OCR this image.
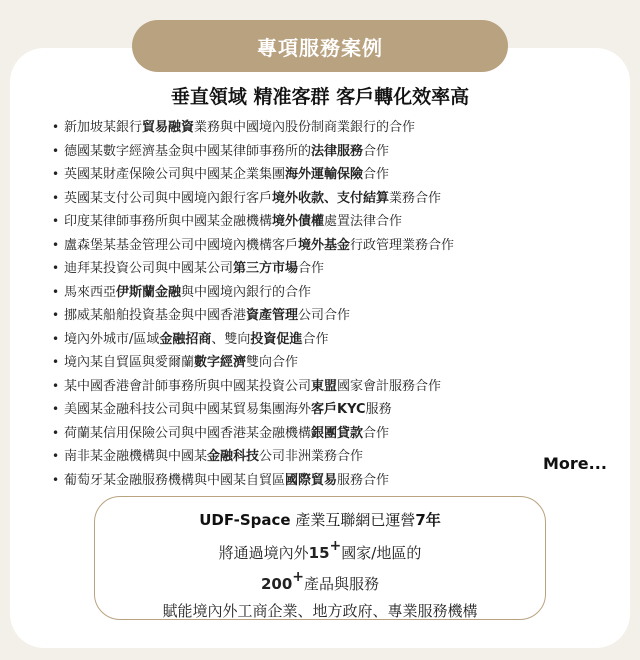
專項服務案例
垂直領域 精准客群 客戶轉化效率高
• 新加坡某銀行 貿易融資 業務與中國境內股份制商業銀行的合作
• 德國某數字經濟基金與中國某律師事務所的 法律服務 合作
• 英國某財產保險公司與中國某企業集團 海外運輸保險 合作
• 英國某支付公司與中國境內銀行客戶 境外收款、支付結算 業務合作
• 印度某律師事務所與中國某金融機構 境外債權 處置法律合作
• 盧森堡某基金管理公司中國境內機構客戶 境外基金 行政管理業務合作
• 迪拜某投資公司與中國某公司 第三方市場 合作
• 馬來西亞 伊斯蘭金融 與中國境內銀行的合作
• 挪威某船舶投資基金與中國香港 資產管理 公司合作
• 境內外城市/區域 金融招商 、雙向 投資促進 合作
• 境內某自貿區與愛爾蘭 數字經濟 雙向合作
• 某中國香港會計師事務所與中國某投資公司 東盟 國家會計服務合作
• 美國某金融科技公司與中國某貿易集團海外 客戶KYC 服務
• 荷蘭某信用保險公司與中國香港某金融機構 銀團貸款 合作
• 南非某金融機構與中國某 金融科技 公司非洲業務合作
• 葡萄牙某金融服務機構與中國某自貿區 國際貿易 服務合作
More...
UDF-Space 產業互聯網已運營7年
將通過境內外15+國家/地區的
200+產品與服務
賦能境內外工商企業、地方政府、專業服務機構
